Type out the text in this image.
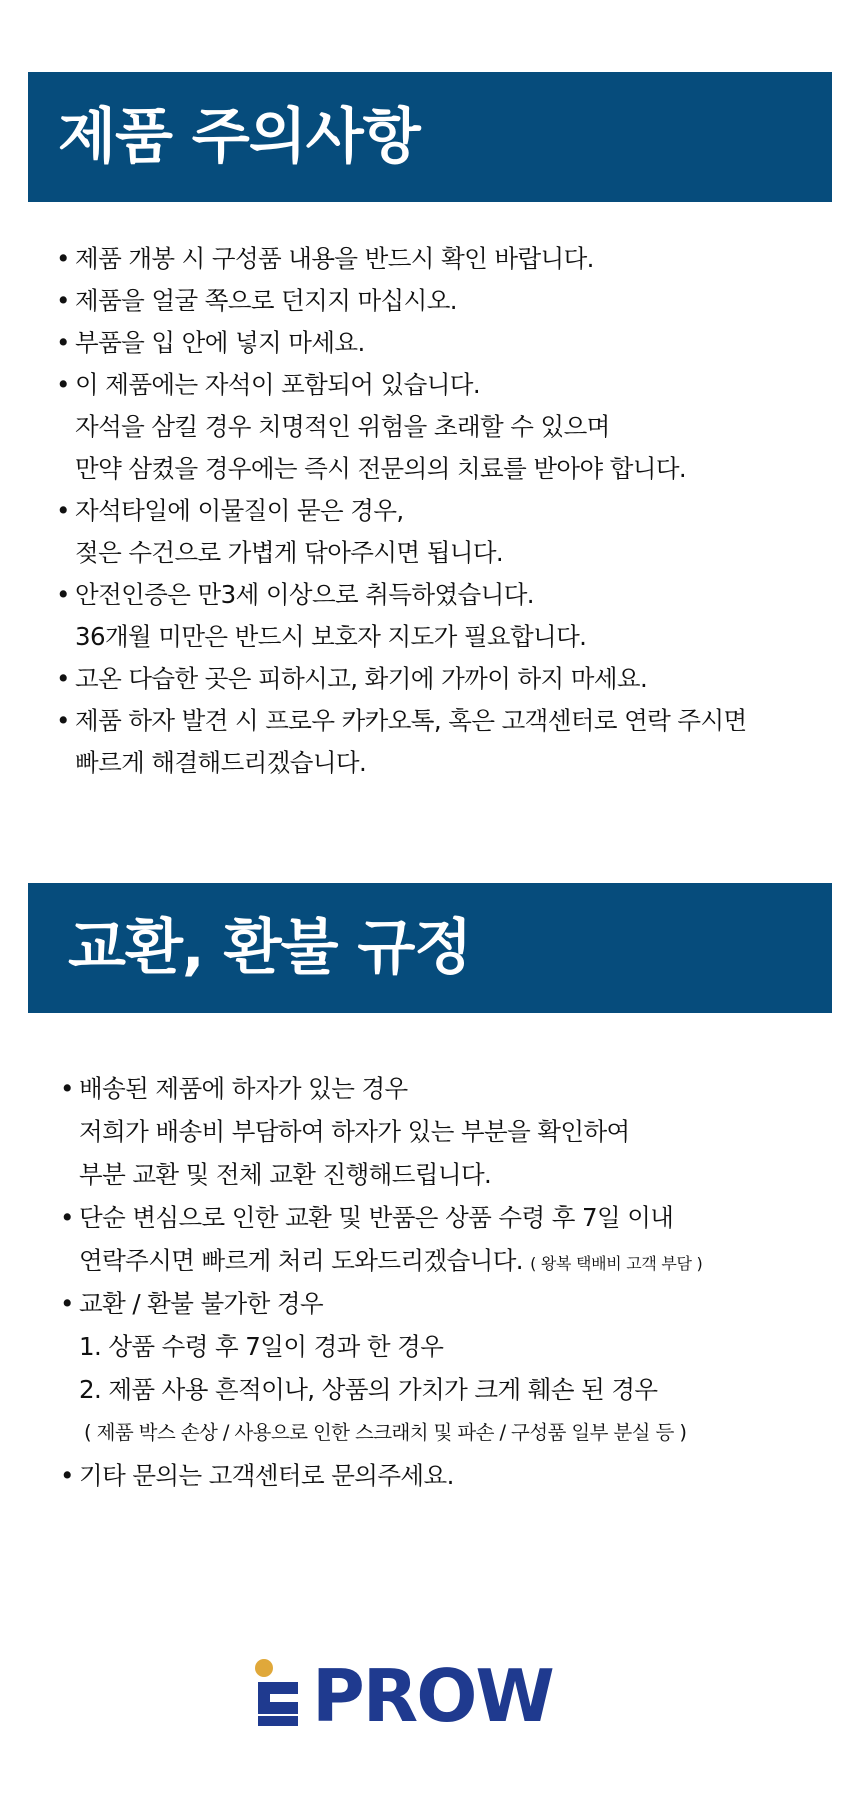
제품 주의사항
• 제품 개봉 시 구성품 내용을 반드시 확인 바랍니다.
• 제품을 얼굴 쪽으로 던지지 마십시오.
• 부품을 입 안에 넣지 마세요.
• 이 제품에는 자석이 포함되어 있습니다.
자석을 삼킬 경우 치명적인 위험을 초래할 수 있으며
만약 삼켰을 경우에는 즉시 전문의의 치료를 받아야 합니다.
• 자석타일에 이물질이 묻은 경우,
젖은 수건으로 가볍게 닦아주시면 됩니다.
• 안전인증은 만3세 이상으로 취득하였습니다.
36개월 미만은 반드시 보호자 지도가 필요합니다.
• 고온 다습한 곳은 피하시고, 화기에 가까이 하지 마세요.
• 제품 하자 발견 시 프로우 카카오톡, 혹은 고객센터로 연락 주시면
빠르게 해결해드리겠습니다.
교환, 환불 규정
• 배송된 제품에 하자가 있는 경우
저희가 배송비 부담하여 하자가 있는 부분을 확인하여
부분 교환 및 전체 교환 진행해드립니다.
• 단순 변심으로 인한 교환 및 반품은 상품 수령 후 7일 이내
연락주시면 빠르게 처리 도와드리겠습니다. ( 왕복 택배비 고객 부담 )
• 교환 / 환불 불가한 경우
1. 상품 수령 후 7일이 경과 한 경우
2. 제품 사용 흔적이나, 상품의 가치가 크게 훼손 된 경우
( 제품 박스 손상 / 사용으로 인한 스크래치 및 파손 / 구성품 일부 분실 등 )
• 기타 문의는 고객센터로 문의주세요.
PROW
